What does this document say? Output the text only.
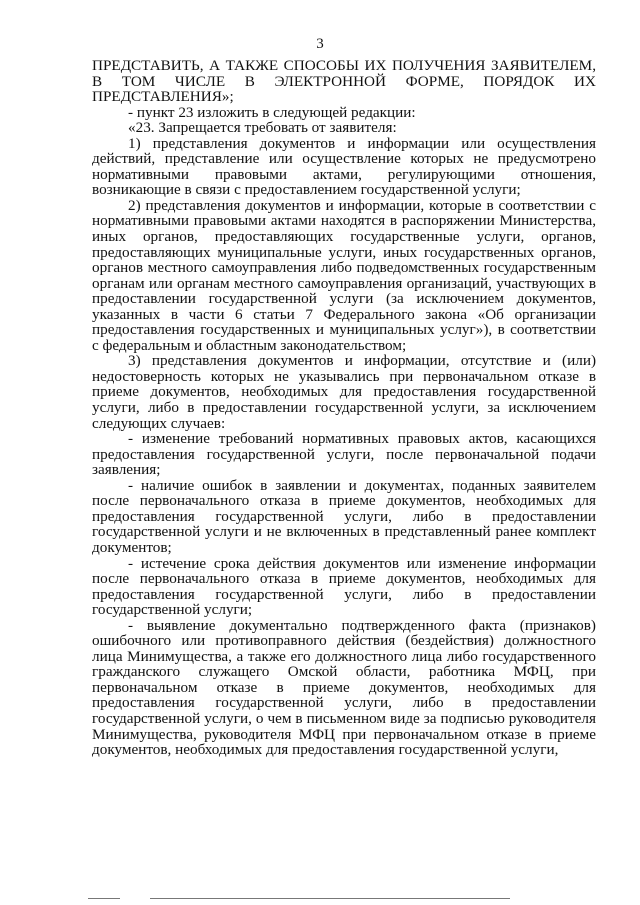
3

ПРЕДСТАВИТЬ, А ТАКЖЕ СПОСОБЫ ИХ ПОЛУЧЕНИЯ ЗАЯВИТЕЛЕМ, В ТОМ ЧИСЛЕ В ЭЛЕКТРОННОЙ ФОРМЕ, ПОРЯДОК ИХ ПРЕДСТАВЛЕНИЯ»;

- пункт 23 изложить в следующей редакции:

«23. Запрещается требовать от заявителя:

1) представления документов и информации или осуществления действий, представление или осуществление которых не предусмотрено нормативными правовыми актами, регулирующими отношения, возникающие в связи с предоставлением государственной услуги;

2) представления документов и информации, которые в соответствии с нормативными правовыми актами находятся в распоряжении Министерства, иных органов, предоставляющих государственные услуги, органов, предоставляющих муниципальные услуги, иных государственных органов, органов местного самоуправления либо подведомственных государственным органам или органам местного самоуправления организаций, участвующих в предоставлении государственной услуги (за исключением документов, указанных в части 6 статьи 7 Федерального закона «Об организации предоставления государственных и муниципальных услуг»), в соответствии с федеральным и областным законодательством;

3) представления документов и информации, отсутствие и (или) недостоверность которых не указывались при первоначальном отказе в приеме документов, необходимых для предоставления государственной услуги, либо в предоставлении государственной услуги, за исключением следующих случаев:

- изменение требований нормативных правовых актов, касающихся предоставления государственной услуги, после первоначальной подачи заявления;

- наличие ошибок в заявлении и документах, поданных заявителем после первоначального отказа в приеме документов, необходимых для предоставления государственной услуги, либо в предоставлении государственной услуги и не включенных в представленный ранее комплект документов;

- истечение срока действия документов или изменение информации после первоначального отказа в приеме документов, необходимых для предоставления государственной услуги, либо в предоставлении государственной услуги;

- выявление документально подтвержденного факта (признаков) ошибочного или противоправного действия (бездействия) должностного лица Минимущества, а также его должностного лица либо государственного гражданского служащего Омской области, работника МФЦ, при первоначальном отказе в приеме документов, необходимых для предоставления государственной услуги, либо в предоставлении государственной услуги, о чем в письменном виде за подписью руководителя Минимущества, руководителя МФЦ при первоначальном отказе в приеме документов, необходимых для предоставления государственной услуги,
